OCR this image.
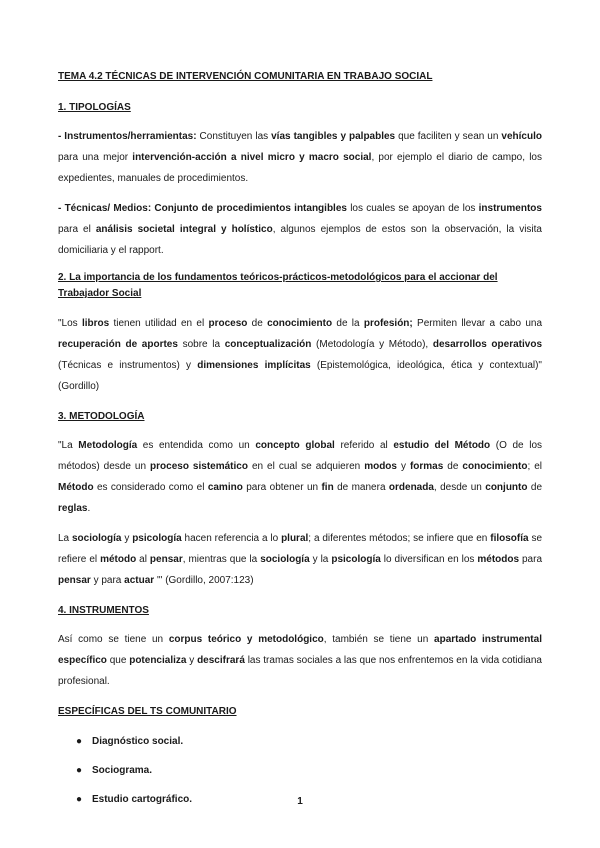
TEMA 4.2 TÉCNICAS DE INTERVENCIÓN COMUNITARIA EN TRABAJO SOCIAL

1. TIPOLOGÍAS

- Instrumentos/herramientas: Constituyen las vías tangibles y palpables que faciliten y sean un vehículo para una mejor intervención-acción a nivel micro y macro social, por ejemplo el diario de campo, los expedientes, manuales de procedimientos.

- Técnicas/ Medios: Conjunto de procedimientos intangibles los cuales se apoyan de los instrumentos para el análisis societal integral y holístico, algunos ejemplos de estos son la observación, la visita domiciliaria y el rapport.

2. La importancia de los fundamentos teóricos-prácticos-metodológicos para el accionar del Trabajador Social

"Los libros tienen utilidad en el proceso de conocimiento de la profesión; Permiten llevar a cabo una recuperación de aportes sobre la conceptualización (Metodología y Método), desarrollos operativos (Técnicas e instrumentos) y dimensiones implícitas (Epistemológica, ideológica, ética y contextual)" (Gordillo)

3. METODOLOGÍA

"La Metodología es entendida como un concepto global referido al estudio del Método (O de los métodos) desde un proceso sistemático en el cual se adquieren modos y formas de conocimiento; el Método es considerado como el camino para obtener un fin de manera ordenada, desde un conjunto de reglas.

La sociología y psicología hacen referencia a lo plural; a diferentes métodos; se infiere que en filosofía se refiere el método al pensar, mientras que la sociología y la psicología lo diversifican en los métodos para pensar y para actuar "' (Gordillo, 2007:123)

4. INSTRUMENTOS

Así como se tiene un corpus teórico y metodológico, también se tiene un apartado instrumental específico que potencializa y descifrará las tramas sociales a las que nos enfrentemos en la vida cotidiana profesional.

ESPECÍFICAS DEL TS COMUNITARIO

● Diagnóstico social.
● Sociograma.
● Estudio cartográfico.	1
